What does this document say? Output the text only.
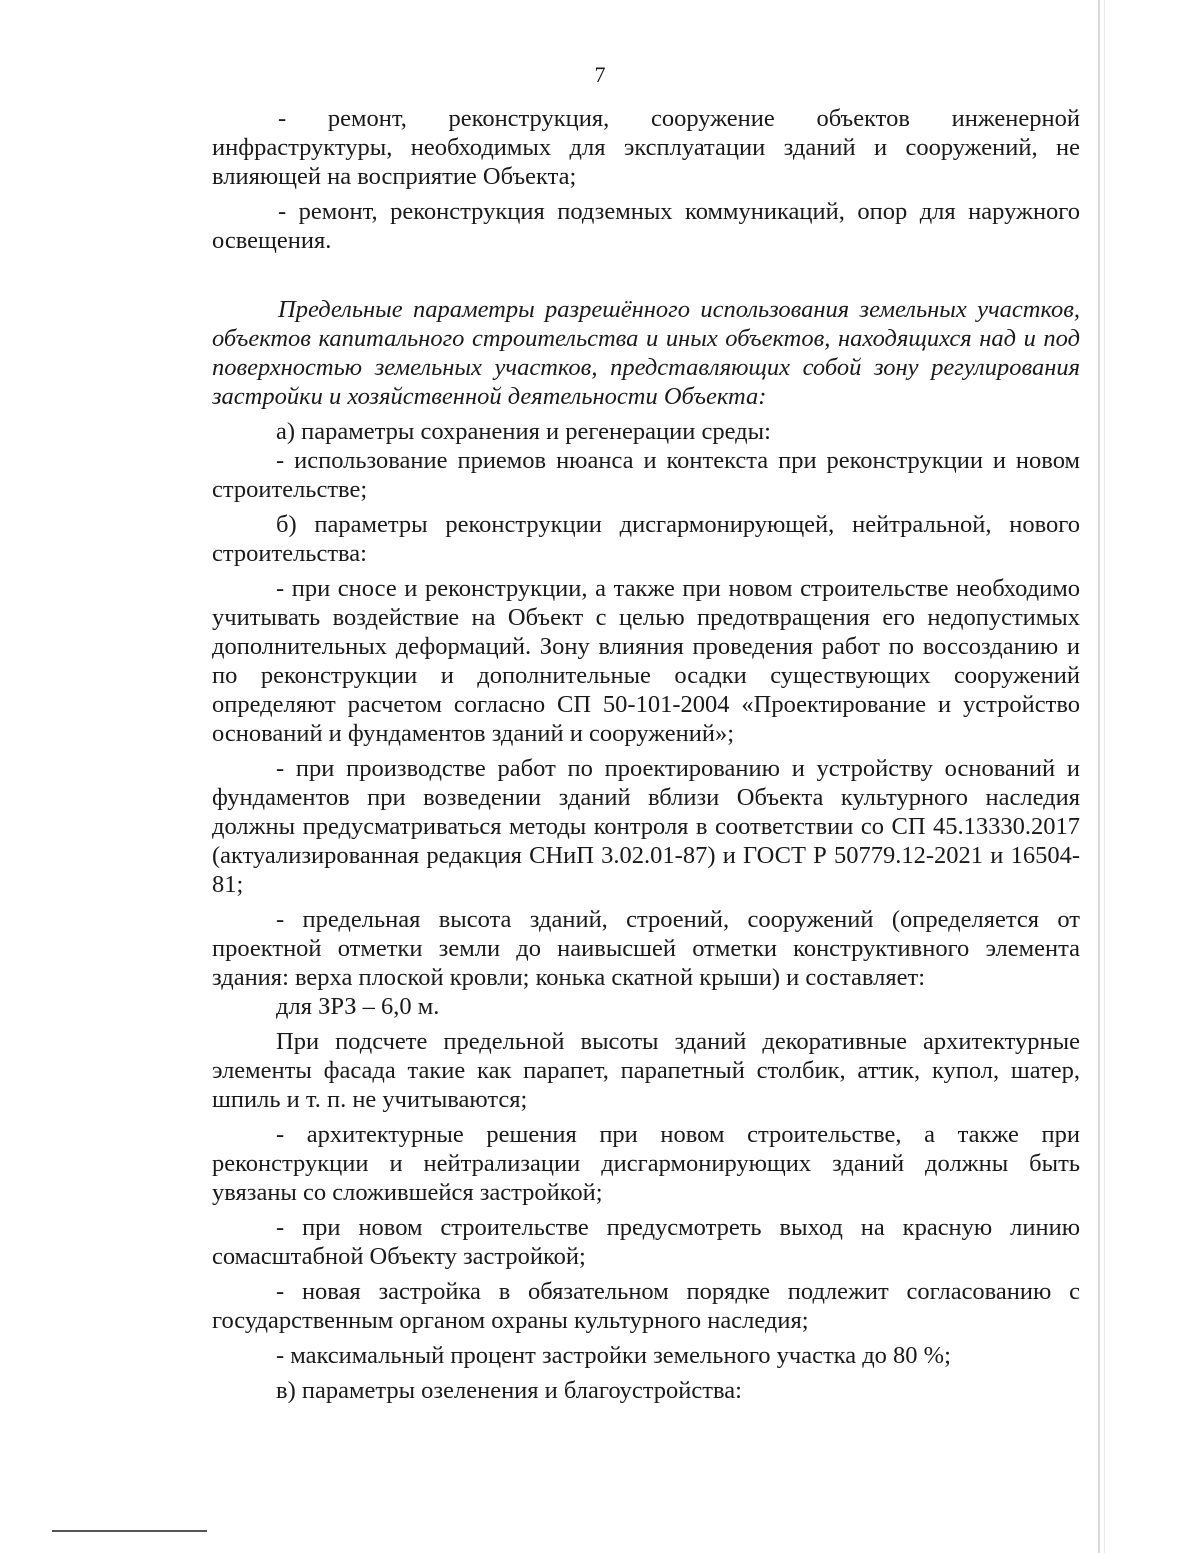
7

- ремонт, реконструкция, сооружение объектов инженерной инфраструктуры, необходимых для эксплуатации зданий и сооружений, не влияющей на восприятие Объекта;

- ремонт, реконструкция подземных коммуникаций, опор для наружного освещения.

Предельные параметры разрешённого использования земельных участков, объектов капитального строительства и иных объектов, находящихся над и под поверхностью земельных участков, представляющих собой зону регулирования застройки и хозяйственной деятельности Объекта:

а) параметры сохранения и регенерации среды:

- использование приемов нюанса и контекста при реконструкции и новом строительстве;

б) параметры реконструкции дисгармонирующей, нейтральной, нового строительства:

- при сносе и реконструкции, а также при новом строительстве необходимо учитывать воздействие на Объект с целью предотвращения его недопустимых дополнительных деформаций. Зону влияния проведения работ по воссозданию и по реконструкции и дополнительные осадки существующих сооружений определяют расчетом согласно СП 50-101-2004 «Проектирование и устройство оснований и фундаментов зданий и сооружений»;

- при производстве работ по проектированию и устройству оснований и фундаментов при возведении зданий вблизи Объекта культурного наследия должны предусматриваться методы контроля в соответствии со СП 45.13330.2017 (актуализированная редакция СНиП 3.02.01-87) и ГОСТ Р 50779.12-2021 и 16504-81;

- предельная высота зданий, строений, сооружений (определяется от проектной отметки земли до наивысшей отметки конструктивного элемента здания: верха плоской кровли; конька скатной крыши) и составляет:

для ЗРЗ – 6,0 м.

При подсчете предельной высоты зданий декоративные архитектурные элементы фасада такие как парапет, парапетный столбик, аттик, купол, шатер, шпиль и т. п. не учитываются;

- архитектурные решения при новом строительстве, а также при реконструкции и нейтрализации дисгармонирующих зданий должны быть увязаны со сложившейся застройкой;

- при новом строительстве предусмотреть выход на красную линию сомасштабной Объекту застройкой;

- новая застройка в обязательном порядке подлежит согласованию с государственным органом охраны культурного наследия;

- максимальный процент застройки земельного участка до 80 %;

в) параметры озеленения и благоустройства:
